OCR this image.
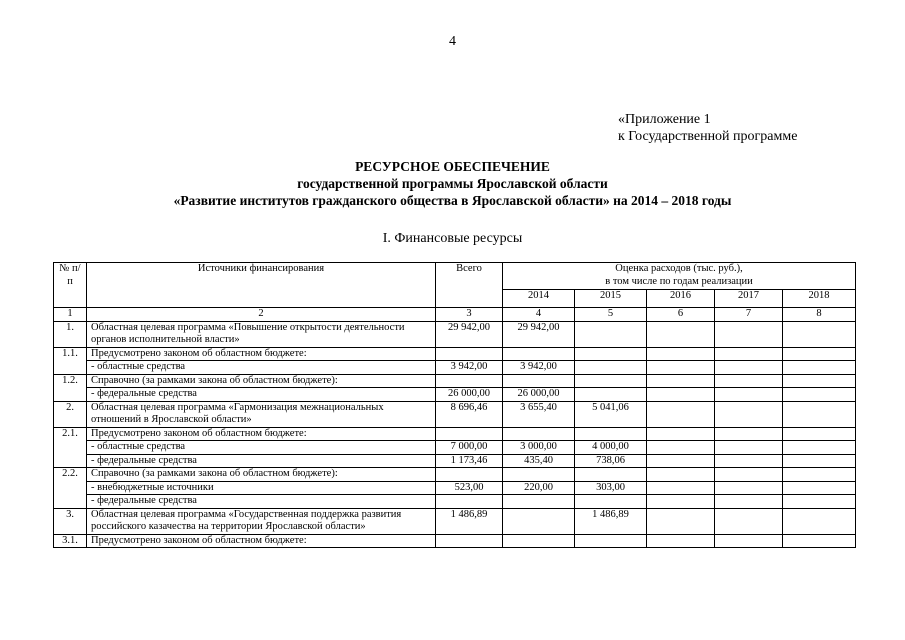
4
«Приложение 1
к Государственной программе
РЕСУРСНОЕ ОБЕСПЕЧЕНИЕ
государственной программы Ярославской области
«Развитие институтов гражданского общества в Ярославской области» на 2014 – 2018 годы
I. Финансовые ресурсы
№ п/п	Источники финансирования	Всего	Оценка расходов (тыс. руб.),
в том числе по годам реализации				

			2014	2015	2016	2017	2018
1	2	3	4	5	6	7	8
1.	Областная целевая программа «Повышение открытости деятельности органов исполнительной власти»	29 942,00	29 942,00				
1.1.	Предусмотрено законом об областном бюджете:						
	- областные средства	3 942,00	3 942,00				
1.2.	Справочно (за рамками закона об областном бюджете):						
	- федеральные средства	26 000,00	26 000,00				
2.	Областная целевая программа «Гармонизация межнациональных отношений в Ярославской области»	8 696,46	3 655,40	5 041,06			
2.1.	Предусмотрено законом об областном бюджете:						
	- областные средства	7 000,00	3 000,00	4 000,00			
	- федеральные средства	1 173,46	435,40	738,06			
2.2.	Справочно (за рамками закона об областном бюджете):						
	- внебюджетные источники	523,00	220,00	303,00			
	- федеральные средства						
3.	Областная целевая программа «Государственная поддержка развития российского казачества на территории Ярославской области»	1 486,89		1 486,89			
3.1.	Предусмотрено законом об областном бюджете:						
